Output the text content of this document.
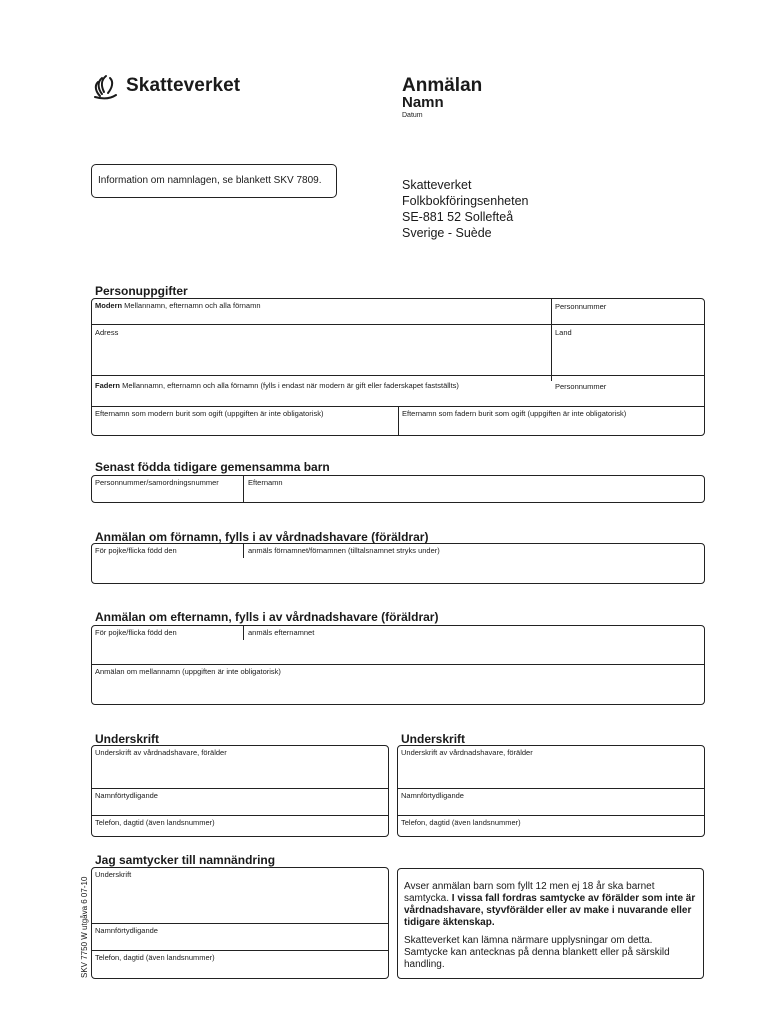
Skatteverket	Anmälan
Namn
Datum
Information om namnlagen, se blankett SKV 7809.	Skatteverket
Folkbokföringsenheten
SE-881 52 Sollefteå
Sverige - Suède
Personuppgifter
Modern Mellannamn, efternamn och alla förnamn	Personnummer
Adress	Land
Fadern Mellannamn, efternamn och alla förnamn (fylls i endast när modern är gift eller faderskapet fastställts)	Personnummer
Efternamn som modern burit som ogift (uppgiften är inte obligatorisk)	Efternamn som fadern burit som ogift (uppgiften är inte obligatorisk)
Senast födda tidigare gemensamma barn
Personnummer/samordningsnummer	Efternamn
Anmälan om förnamn, fylls i av vårdnadshavare (föräldrar)
För pojke/flicka född den	anmäls förnamnet/förnamnen (tilltalsnamnet stryks under)
Anmälan om efternamn, fylls i av vårdnadshavare (föräldrar)
För pojke/flicka född den	anmäls efternamnet
Anmälan om mellannamn (uppgiften är inte obligatorisk)
Underskrift
Underskrift av vårdnadshavare, förälder
Namnförtydligande
Telefon, dagtid (även landsnummer)
Underskrift
Underskrift av vårdnadshavare, förälder
Namnförtydligande
Telefon, dagtid (även landsnummer)
Jag samtycker till namnändring
Underskrift
Namnförtydligande
Telefon, dagtid (även landsnummer)

Avser anmälan barn som fyllt 12 men ej 18 år ska barnet samtycka. I vissa fall fordras samtycke av förälder som inte är vårdnadshavare, styvförälder eller av make i nuvarande eller tidigare äktenskap.

Skatteverket kan lämna närmare upplysningar om detta. Samtycke kan antecknas på denna blankett eller på särskild handling.

SKV 7750 W utgåva 6 07-10
